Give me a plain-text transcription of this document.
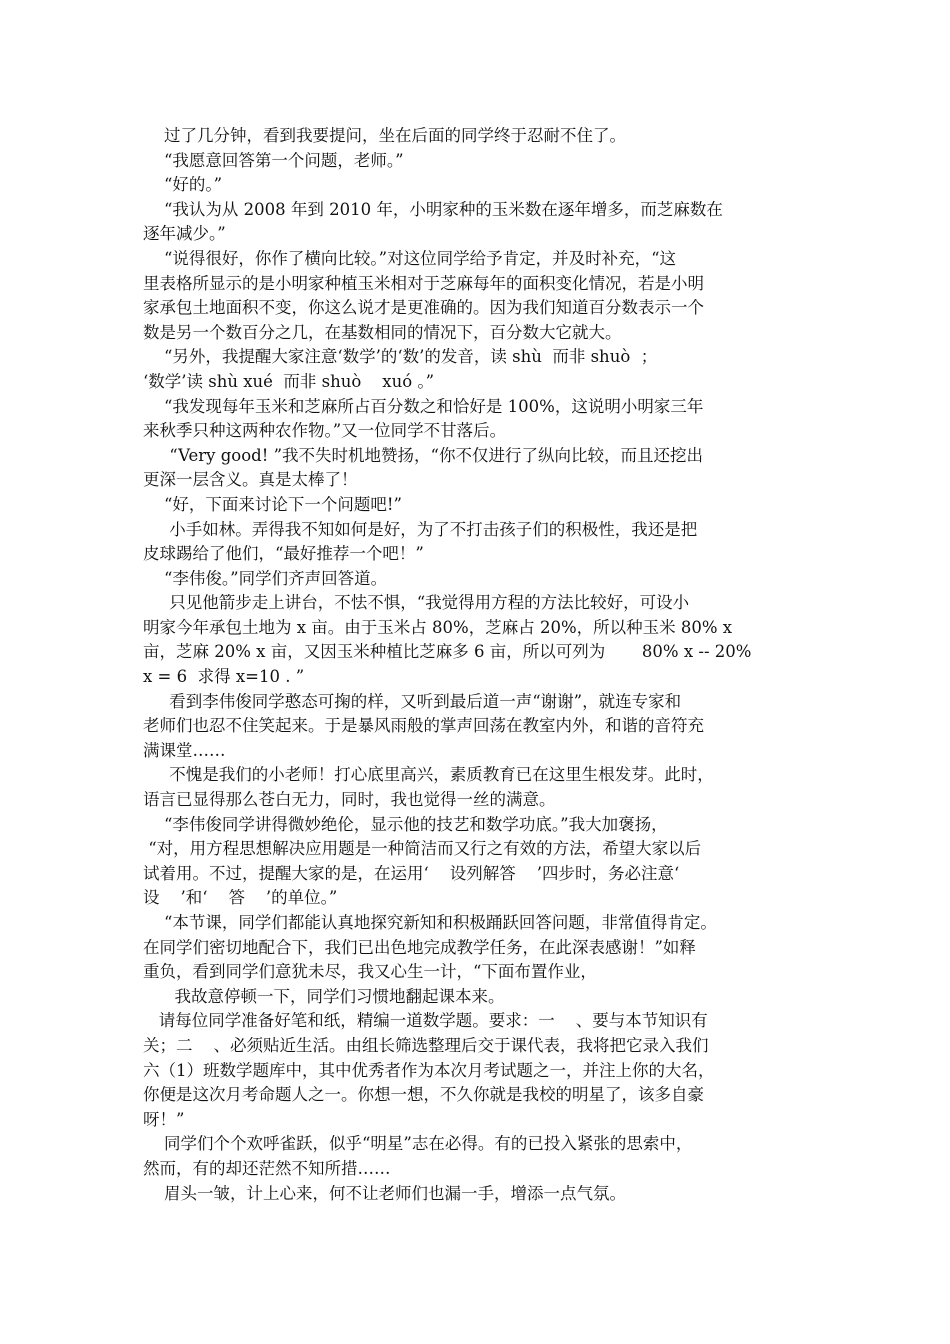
过了几分钟，看到我要提问，坐在后面的同学终于忍耐不住了。
“我愿意回答第一个问题，老师。”
“好的。”
“我认为从 2008 年到 2010 年，小明家种的玉米数在逐年增多，而芝麻数在
逐年减少。”
“说得很好，你作了横向比较。”对这位同学给予肯定，并及时补充，“这
里表格所显示的是小明家种植玉米相对于芝麻每年的面积变化情况，若是小明
家承包土地面积不变，你这么说才是更准确的。因为我们知道百分数表示一个
数是另一个数百分之几，在基数相同的情况下，百分数大它就大。
“另外，我提醒大家注意‘数学’的‘数’的发音，读 shù  而非 shuò  ；
‘数学’读 shù xué  而非 shuò    xuó 。”
“我发现每年玉米和芝麻所占百分数之和恰好是 100%，这说明小明家三年
来秋季只种这两种农作物。”又一位同学不甘落后。
“Very good! ”我不失时机地赞扬，“你不仅进行了纵向比较，而且还挖出
更深一层含义。真是太棒了！
“好，下面来讨论下一个问题吧!”
小手如林。弄得我不知如何是好，为了不打击孩子们的积极性，我还是把
皮球踢给了他们，“最好推荐一个吧！”
“李伟俊。”同学们齐声回答道。
只见他箭步走上讲台，不怯不惧，“我觉得用方程的方法比较好，可设小
明家今年承包土地为 x 亩。由于玉米占 80%，芝麻占 20%，所以种玉米 80% x
亩，芝麻 20% x 亩，又因玉米种植比芝麻多 6 亩，所以可列为       80% x -- 20%
x = 6  求得 x=10 . ”
看到李伟俊同学憨态可掬的样，又听到最后道一声“谢谢”，就连专家和
老师们也忍不住笑起来。于是暴风雨般的掌声回荡在教室内外，和谐的音符充
满课堂……
不愧是我们的小老师！打心底里高兴，素质教育已在这里生根发芽。此时，
语言已显得那么苍白无力，同时，我也觉得一丝的满意。
“李伟俊同学讲得微妙绝伦，显示他的技艺和数学功底。”我大加褒扬，
“对，用方程思想解决应用题是一种简洁而又行之有效的方法，希望大家以后
试着用。不过，提醒大家的是，在运用‘    设列解答    ’四步时，务必注意‘
设    ’和‘    答    ’的单位。”
“本节课，同学们都能认真地探究新知和积极踊跃回答问题，非常值得肯定。
在同学们密切地配合下，我们已出色地完成教学任务，在此深表感谢！”如释
重负，看到同学们意犹未尽，我又心生一计，“下面布置作业，
我故意停顿一下，同学们习惯地翻起课本来。
请每位同学准备好笔和纸，精编一道数学题。要求：一    、要与本节知识有
关；二    、必须贴近生活。由组长筛选整理后交于课代表，我将把它录入我们
六（1）班数学题库中，其中优秀者作为本次月考试题之一，并注上你的大名，
你便是这次月考命题人之一。你想一想，不久你就是我校的明星了，该多自豪
呀！”
同学们个个欢呼雀跃，似乎“明星”志在必得。有的已投入紧张的思索中，
然而，有的却还茫然不知所措……
眉头一皱，计上心来，何不让老师们也漏一手，增添一点气氛。
